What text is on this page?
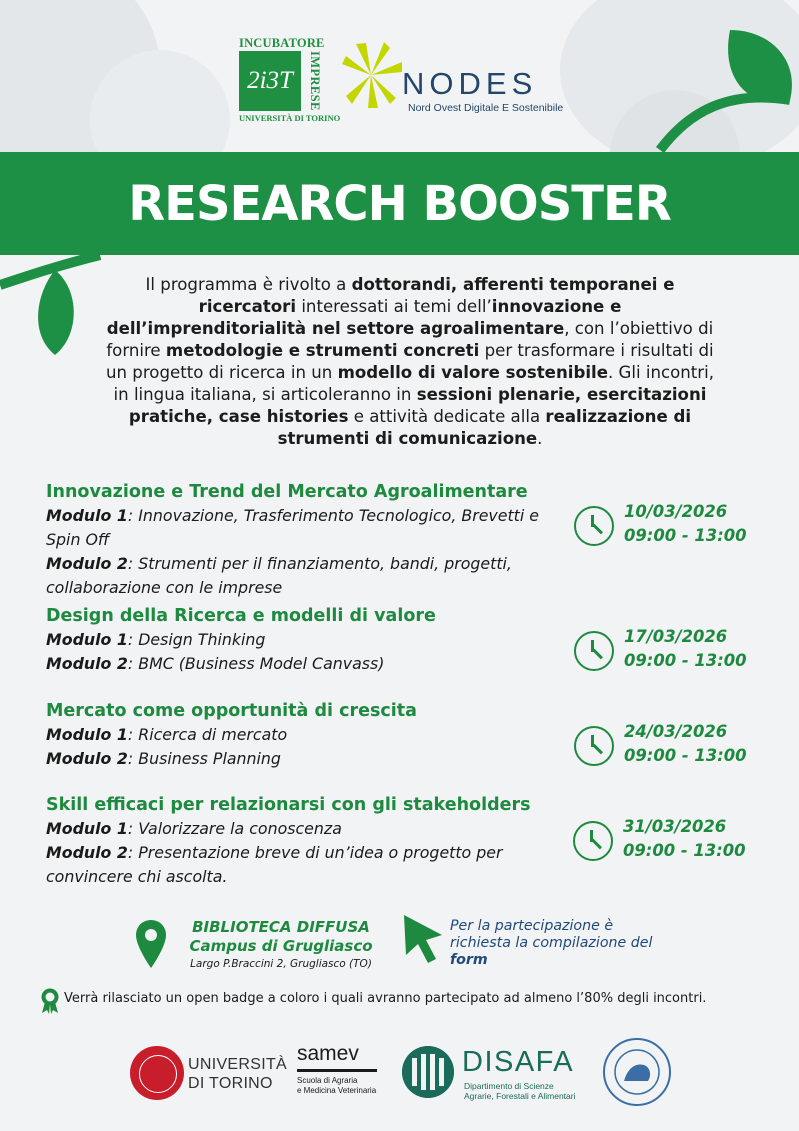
INCUBATORE
2i3T	IMPRESE
UNIVERSITÀ DI TORINO
NODES
Nord Ovest Digitale E Sostenibile
RESEARCH BOOSTER

Il programma è rivolto a dottorandi, afferenti temporanei e ricercatori interessati ai temi dell’innovazione e dell’imprenditorialità nel settore agroalimentare, con l’obiettivo di fornire metodologie e strumenti concreti per trasformare i risultati di un progetto di ricerca in un modello di valore sostenibile. Gli incontri, in lingua italiana, si articoleranno in sessioni plenarie, esercitazioni pratiche, case histories e attività dedicate alla realizzazione di strumenti di comunicazione.

Innovazione e Trend del Mercato Agroalimentare
Modulo 1: Innovazione, Trasferimento Tecnologico, Brevetti e Spin Off
Modulo 2: Strumenti per il finanziamento, bandi, progetti, collaborazione con le imprese
10/03/2026
09:00 - 13:00
Design della Ricerca e modelli di valore
Modulo 1: Design Thinking
Modulo 2: BMC (Business Model Canvass)
17/03/2026
09:00 - 13:00
Mercato come opportunità di crescita
Modulo 1: Ricerca di mercato
Modulo 2: Business Planning
24/03/2026
09:00 - 13:00
Skill efficaci per relazionarsi con gli stakeholders
Modulo 1: Valorizzare la conoscenza
Modulo 2: Presentazione breve di un’idea o progetto per convincere chi ascolta.
31/03/2026
09:00 - 13:00
BIBLIOTECA DIFFUSA
Campus di Grugliasco
Largo P.Braccini 2, Grugliasco (TO)
Per la partecipazione è richiesta la compilazione del form
Verrà rilasciato un open badge a coloro i quali avranno partecipato ad almeno l’80% degli incontri.
UNIVERSITÀ
DI TORINO
samev
Scuola di Agraria
e Medicina Veterinaria
DISAFA
Dipartimento di Scienze
Agrarie, Forestali e Alimentari
